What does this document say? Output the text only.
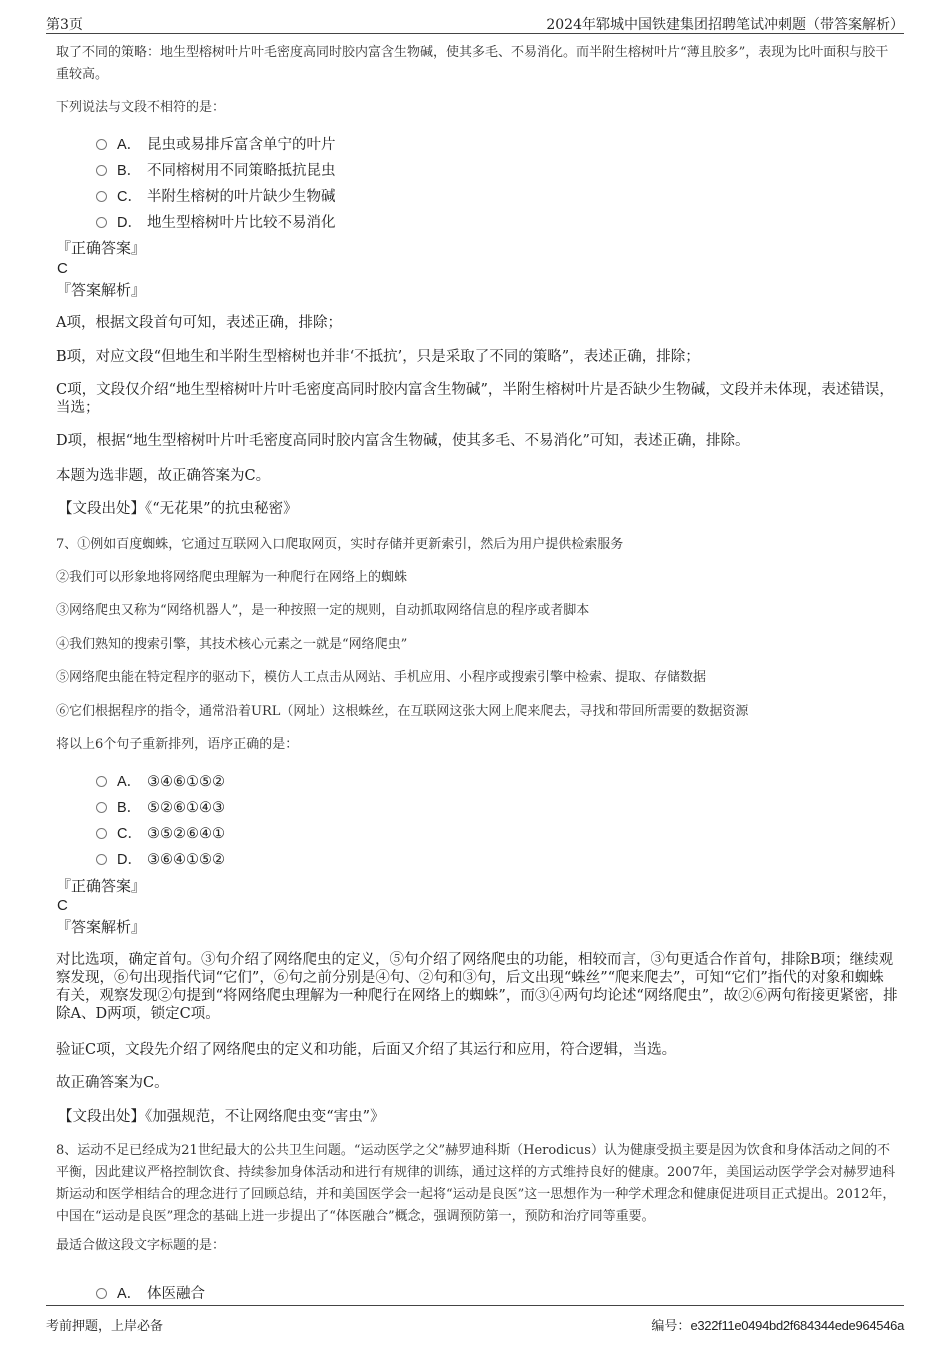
第3页	2024年郓城中国铁建集团招聘笔试冲刺题（带答案解析）

取了不同的策略：地生型榕树叶片叶毛密度高同时胶内富含生物碱，使其多毛、不易消化。而半附生榕树叶片“薄且胶多”，表现为比叶面积与胶干重较高。

下列说法与文段不相符的是：

A． 昆虫或易排斥富含单宁的叶片
B． 不同榕树用不同策略抵抗昆虫
C． 半附生榕树的叶片缺少生物碱
D． 地生型榕树叶片比较不易消化
『正确答案』
C
『答案解析』

A项，根据文段首句可知，表述正确，排除；

B项，对应文段“但地生和半附生型榕树也并非‘不抵抗’，只是采取了不同的策略”，表述正确，排除；

C项，文段仅介绍“地生型榕树叶片叶毛密度高同时胶内富含生物碱”，半附生榕树叶片是否缺少生物碱，文段并未体现，表述错误，当选；

D项，根据“地生型榕树叶片叶毛密度高同时胶内富含生物碱，使其多毛、不易消化”可知，表述正确，排除。

本题为选非题，故正确答案为C。

【文段出处】《“无花果”的抗虫秘密》

7、①例如百度蜘蛛，它通过互联网入口爬取网页，实时存储并更新索引，然后为用户提供检索服务

②我们可以形象地将网络爬虫理解为一种爬行在网络上的蜘蛛

③网络爬虫又称为“网络机器人”，是一种按照一定的规则，自动抓取网络信息的程序或者脚本

④我们熟知的搜索引擎，其技术核心元素之一就是“网络爬虫”

⑤网络爬虫能在特定程序的驱动下，模仿人工点击从网站、手机应用、小程序或搜索引擎中检索、提取、存储数据

⑥它们根据程序的指令，通常沿着URL（网址）这根蛛丝，在互联网这张大网上爬来爬去，寻找和带回所需要的数据资源

将以上6个句子重新排列，语序正确的是：

A． ③④⑥①⑤②
B． ⑤②⑥①④③
C． ③⑤②⑥④①
D． ③⑥④①⑤②
『正确答案』
C
『答案解析』

对比选项，确定首句。③句介绍了网络爬虫的定义，⑤句介绍了网络爬虫的功能，相较而言，③句更适合作首句，排除B项；继续观察发现，⑥句出现指代词“它们”，⑥句之前分别是④句、②句和③句，后文出现“蛛丝”“爬来爬去”，可知“它们”指代的对象和蜘蛛有关，观察发现②句提到“将网络爬虫理解为一种爬行在网络上的蜘蛛”，而③④两句均论述“网络爬虫”，故②⑥两句衔接更紧密，排除A、D两项，锁定C项。

验证C项，文段先介绍了网络爬虫的定义和功能，后面又介绍了其运行和应用，符合逻辑，当选。

故正确答案为C。

【文段出处】《加强规范，不让网络爬虫变“害虫”》

8、运动不足已经成为21世纪最大的公共卫生问题。“运动医学之父”赫罗迪科斯（Herodicus）认为健康受损主要是因为饮食和身体活动之间的不平衡，因此建议严格控制饮食、持续参加身体活动和进行有规律的训练，通过这样的方式维持良好的健康。2007年，美国运动医学学会对赫罗迪科斯运动和医学相结合的理念进行了回顾总结，并和美国医学会一起将“运动是良医”这一思想作为一种学术理念和健康促进项目正式提出。2012年，中国在“运动是良医”理念的基础上进一步提出了“体医融合”概念，强调预防第一，预防和治疗同等重要。

最适合做这段文字标题的是：

A． 体医融合
考前押题，上岸必备	编号：e322f11e0494bd2f684344ede964546a
